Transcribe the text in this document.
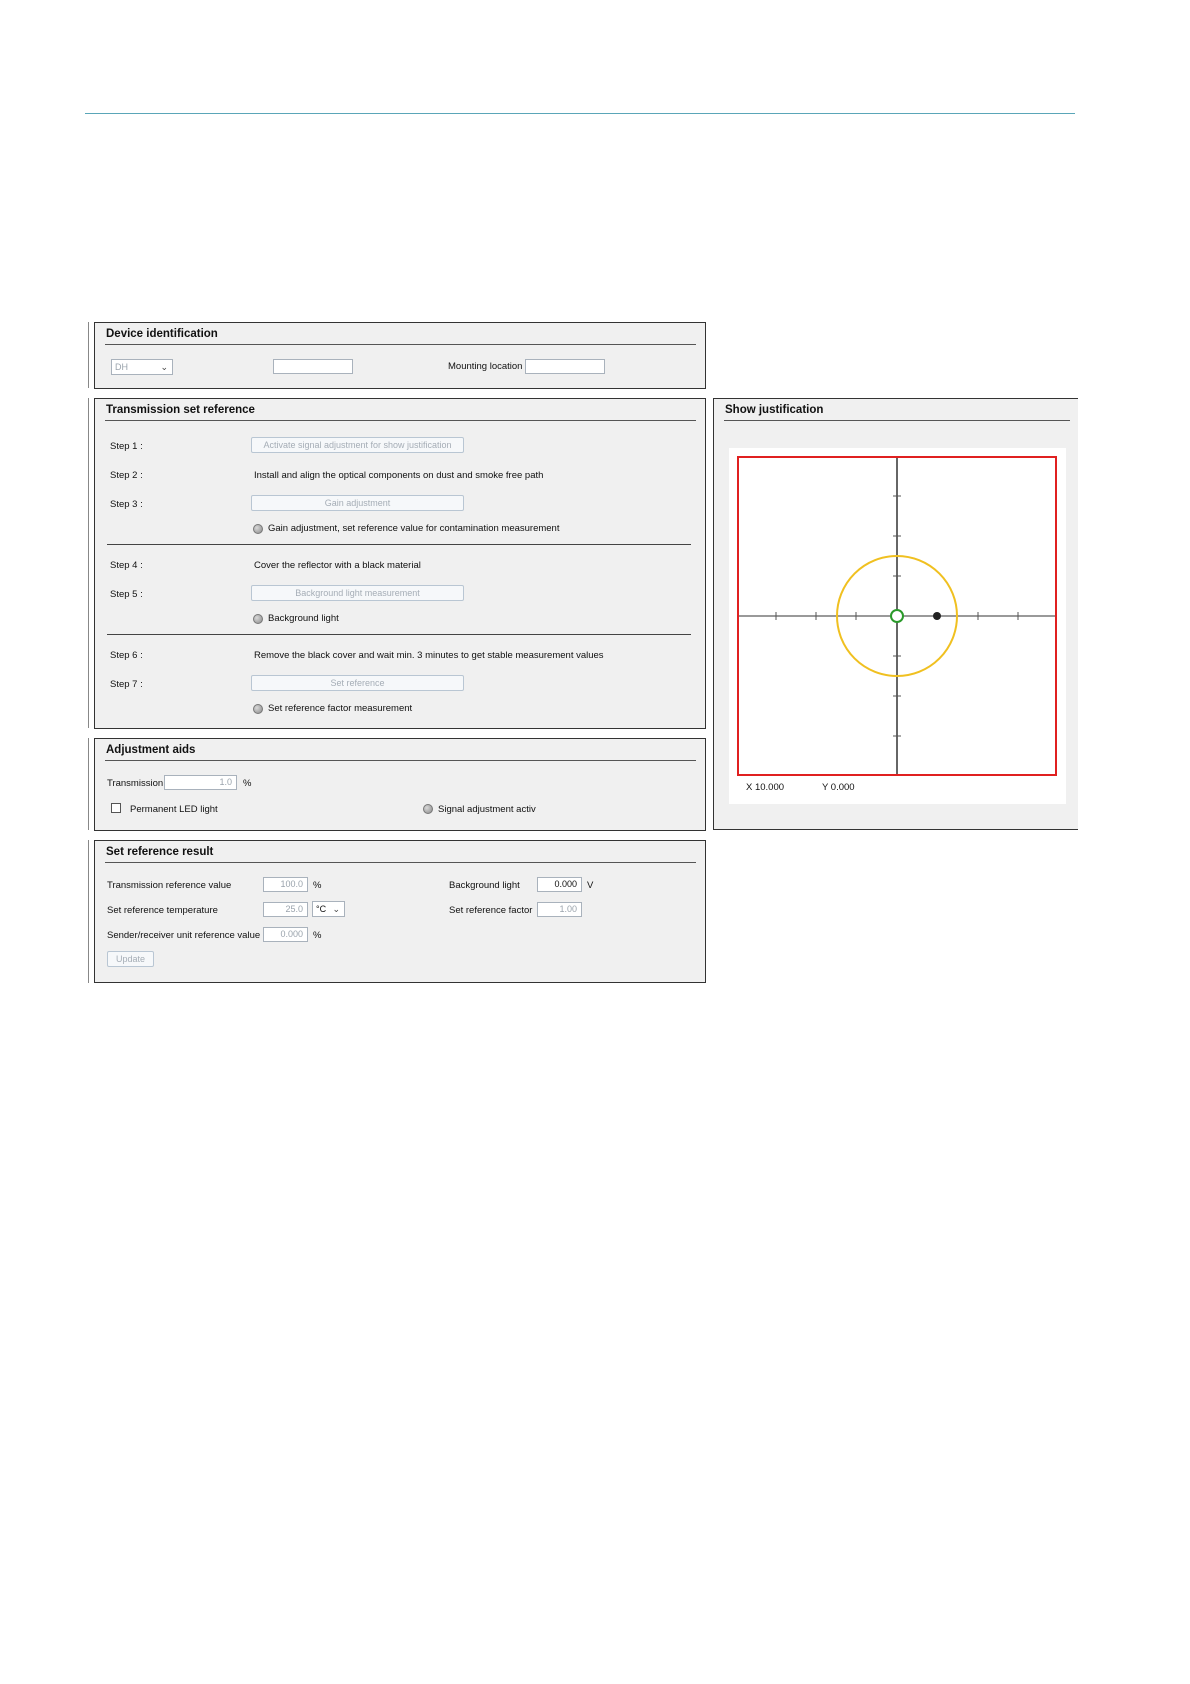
Device identification
DH	⌄	Mounting location
Transmission set reference
Step 1 :	Activate signal adjustment for show justification
Step 2 :	Install and align the optical components on dust and smoke free path
Step 3 :	Gain adjustment
Gain adjustment, set reference value for contamination measurement
Step 4 :	Cover the reflector with a black material
Step 5 :	Background light measurement
Background light
Step 6 :	Remove the black cover and wait min. 3 minutes to get stable measurement values
Step 7 :	Set reference
Set reference factor measurement
Adjustment aids
Transmission	1.0	%
Permanent LED light	Signal adjustment activ
Set reference result
Transmission reference value	100.0	%
Set reference temperature	25.0	°C ⌄
Sender/receiver unit reference value	0.000	%
Update
Background light	0.000	V
Set reference factor	1.00
Show justification
X 10.000	Y 0.000
